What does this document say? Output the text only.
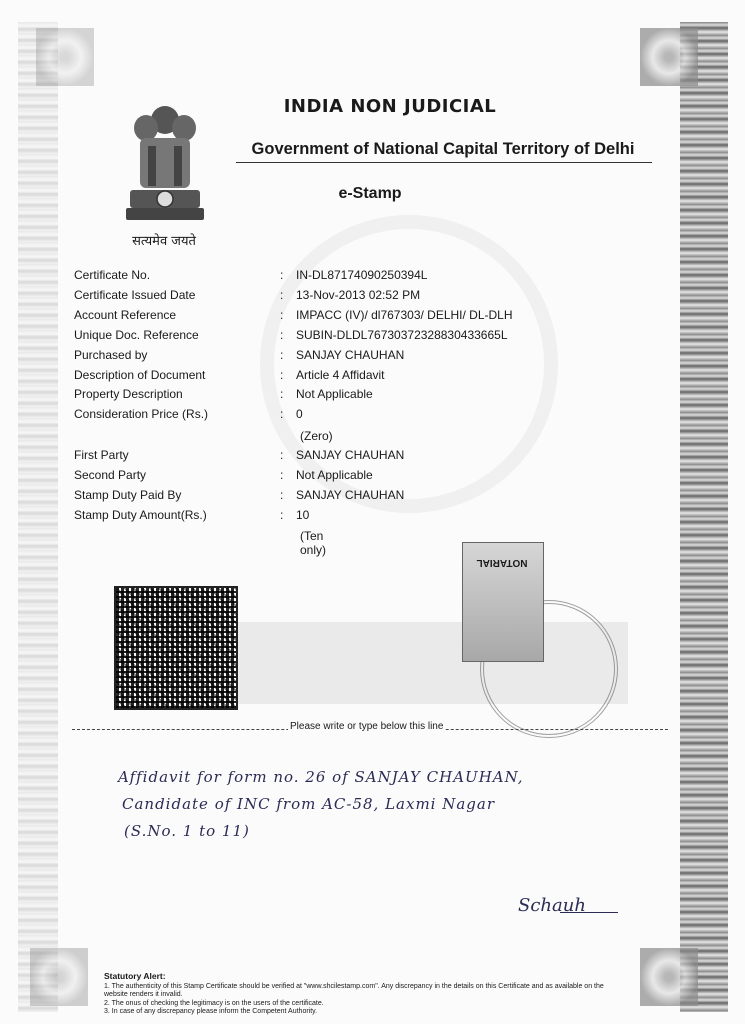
सत्यमेव जयते
INDIA NON JUDICIAL
Government of National Capital Territory of Delhi
e-Stamp
Certificate No.	: IN-DL87174090250394L
Certificate Issued Date	: 13-Nov-2013 02:52 PM
Account Reference	: IMPACC (IV)/ dl767303/ DELHI/ DL-DLH
Unique Doc. Reference	: SUBIN-DLDL76730372328830433665L
Purchased by	: SANJAY CHAUHAN
Description of Document	: Article 4 Affidavit
Property Description	: Not Applicable
Consideration Price (Rs.)	: 0
(Zero)
First Party	: SANJAY CHAUHAN
Second Party	: Not Applicable
Stamp Duty Paid By	: SANJAY CHAUHAN
Stamp Duty Amount(Rs.)	: 10
(Ten only)
NOTARIAL
Please write or type below this line
Affidavit for form no. 26 of SANJAY CHAUHAN,
Candidate of INC from AC-58, Laxmi Nagar
(S.No. 1 to 11)
Schauh
Statutory Alert:
1. The authenticity of this Stamp Certificate should be verified at "www.shcilestamp.com". Any discrepancy in the details on this Certificate and as available on the website renders it invalid.
2. The onus of checking the legitimacy is on the users of the certificate.
3. In case of any discrepancy please inform the Competent Authority.
